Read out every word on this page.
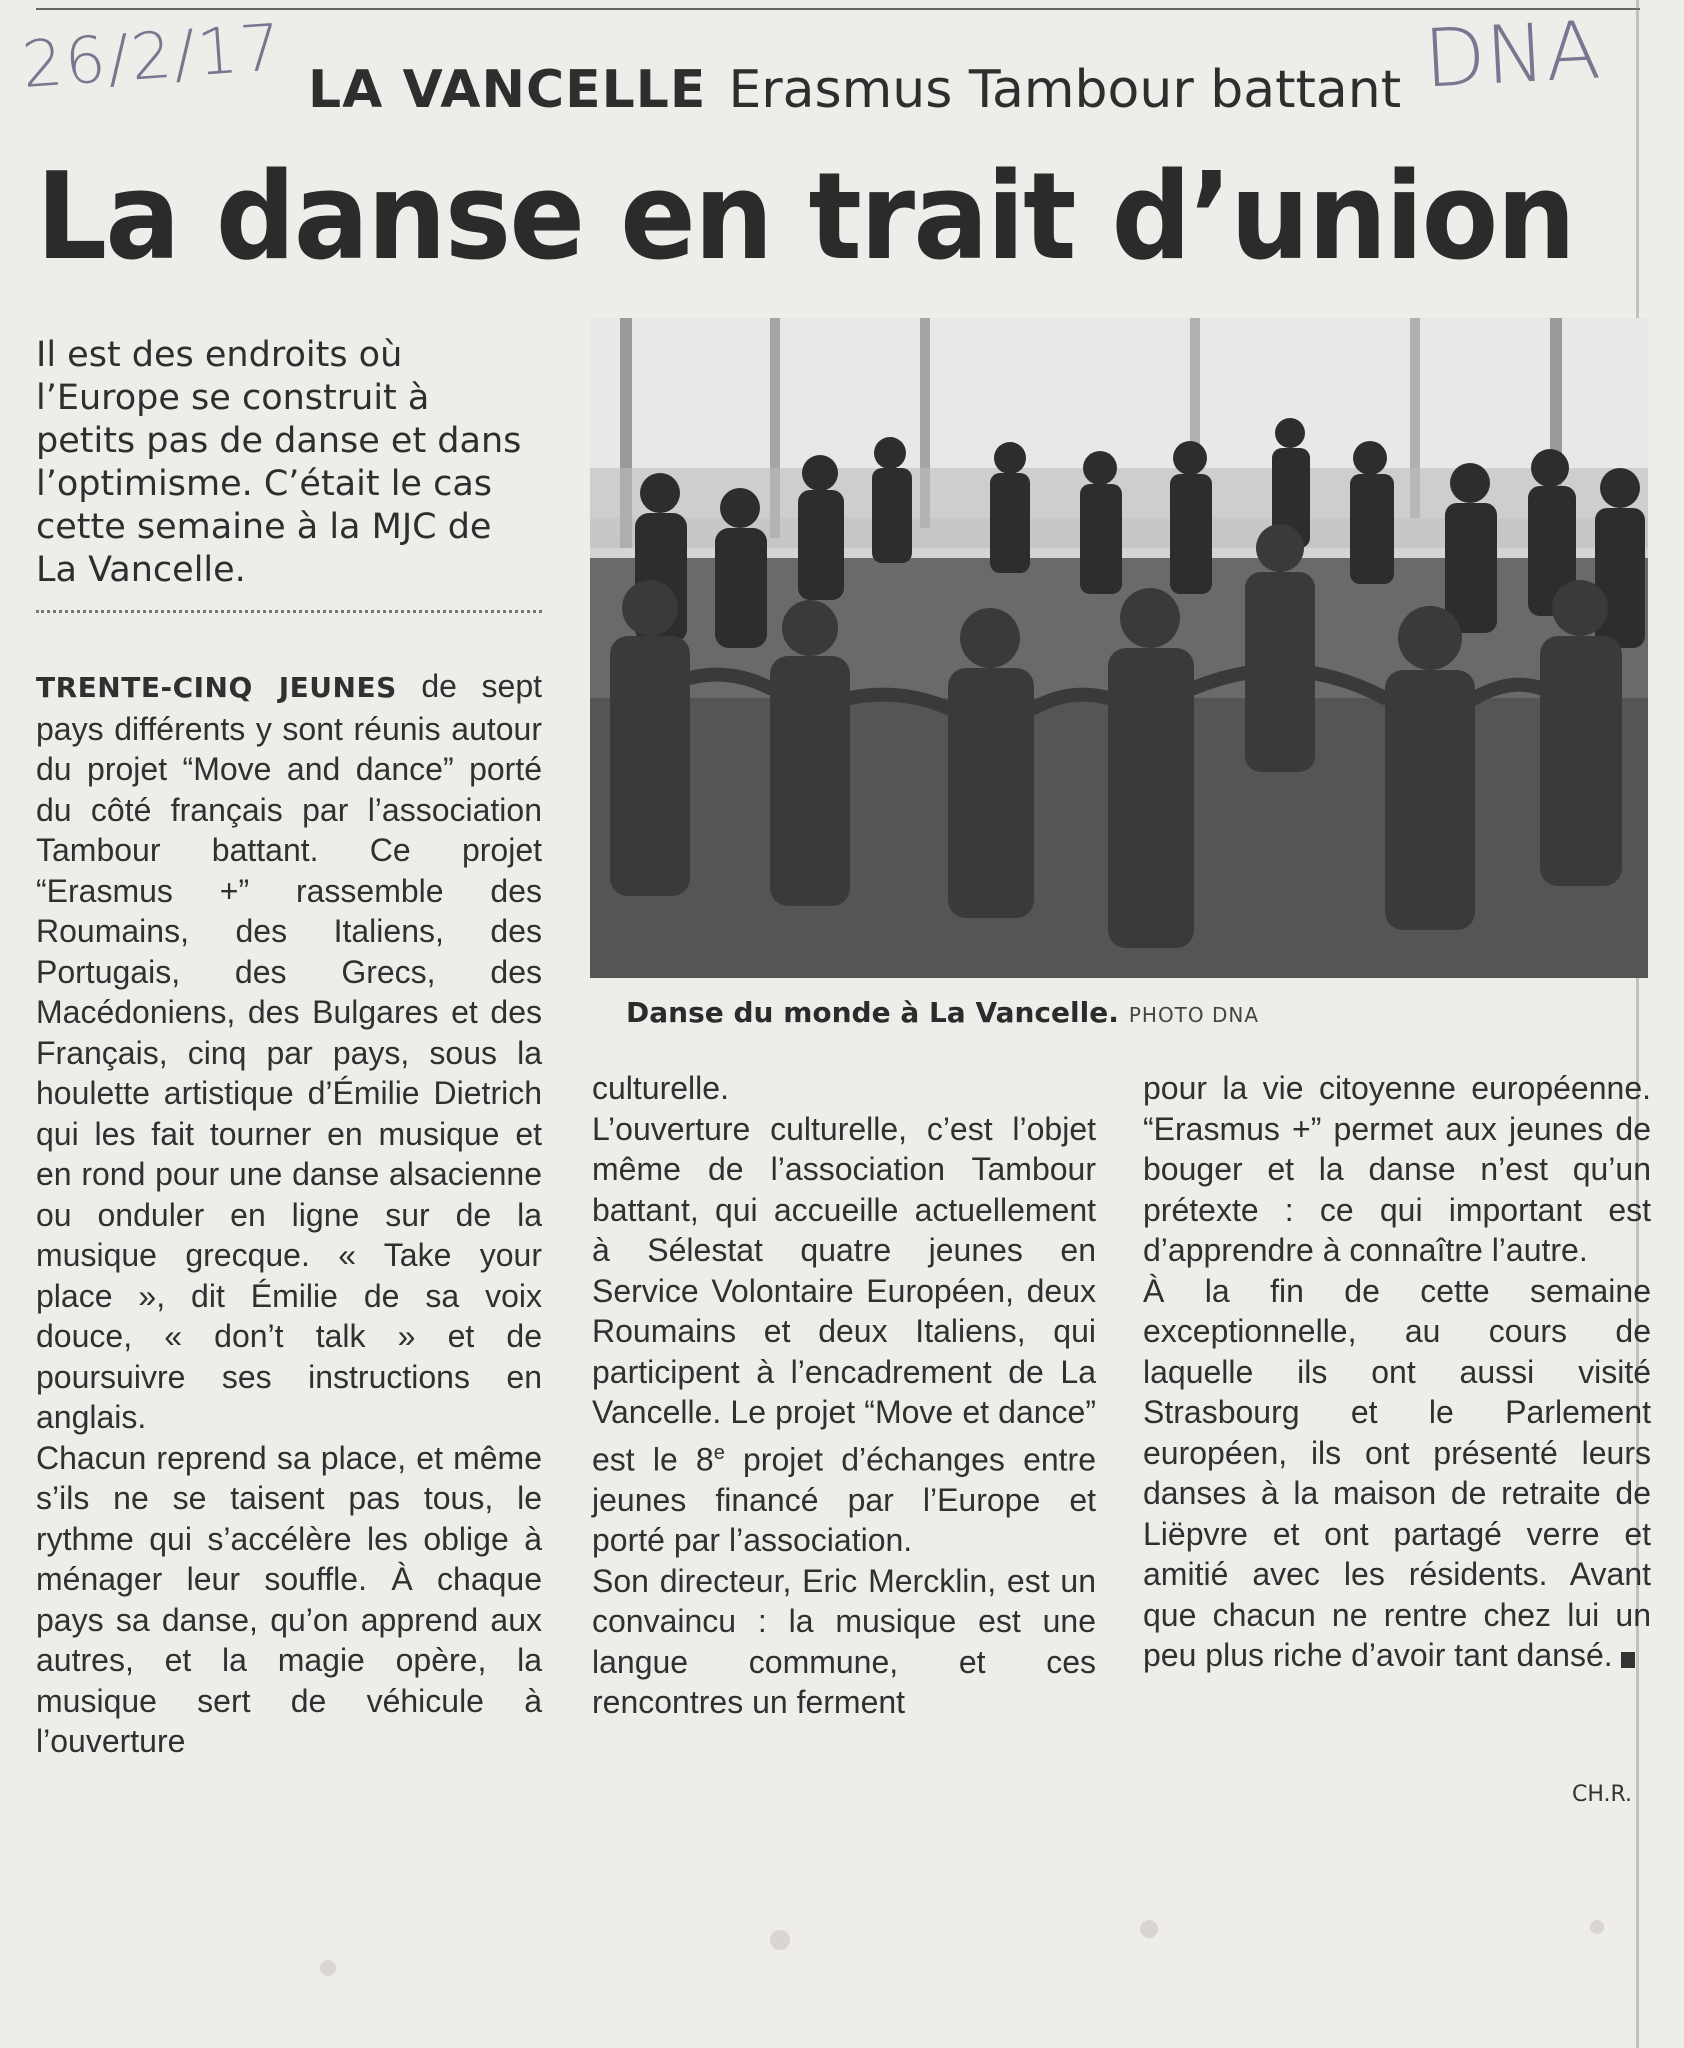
26/2/17	DNA
LA VANCELLE Erasmus Tambour battant
La danse en trait d’union

Il est des endroits où l’Europe se construit à petits pas de danse et dans l’optimisme. C’était le cas cette semaine à la MJC de La Vancelle.

Danse du monde à La Vancelle. PHOTO DNA

TRENTE-CINQ JEUNES de sept pays différents y sont réunis autour du projet “Move and dance” porté du côté français par l’association Tambour battant. Ce projet “Erasmus +” rassemble des Roumains, des Italiens, des Portugais, des Grecs, des Macédoniens, des Bulgares et des Français, cinq par pays, sous la houlette artistique d’Émilie Dietrich qui les fait tourner en musique et en rond pour une danse alsacienne ou onduler en ligne sur de la musique grecque. « Take your place », dit Émilie de sa voix douce, « don’t talk » et de poursuivre ses instructions en anglais.

Chacun reprend sa place, et même s’ils ne se taisent pas tous, le rythme qui s’accélère les oblige à ménager leur souffle. À chaque pays sa danse, qu’on apprend aux autres, et la magie opère, la musique sert de véhicule à l’ouverture

culturelle.

L’ouverture culturelle, c’est l’objet même de l’association Tambour battant, qui accueille actuellement à Sélestat quatre jeunes en Service Volontaire Européen, deux Roumains et deux Italiens, qui participent à l’encadrement de La Vancelle. Le projet “Move et dance” est le 8e projet d’échanges entre jeunes financé par l’Europe et porté par l’association.

Son directeur, Eric Mercklin, est un convaincu : la musique est une langue commune, et ces rencontres un ferment

pour la vie citoyenne européenne. “Erasmus +” permet aux jeunes de bouger et la danse n’est qu’un prétexte : ce qui important est d’apprendre à connaître l’autre.

À la fin de cette semaine exceptionnelle, au cours de laquelle ils ont aussi visité Strasbourg et le Parlement européen, ils ont présenté leurs danses à la maison de retraite de Liëpvre et ont partagé verre et amitié avec les résidents. Avant que chacun ne rentre chez lui un peu plus riche d’avoir tant dansé.

CH.R.
